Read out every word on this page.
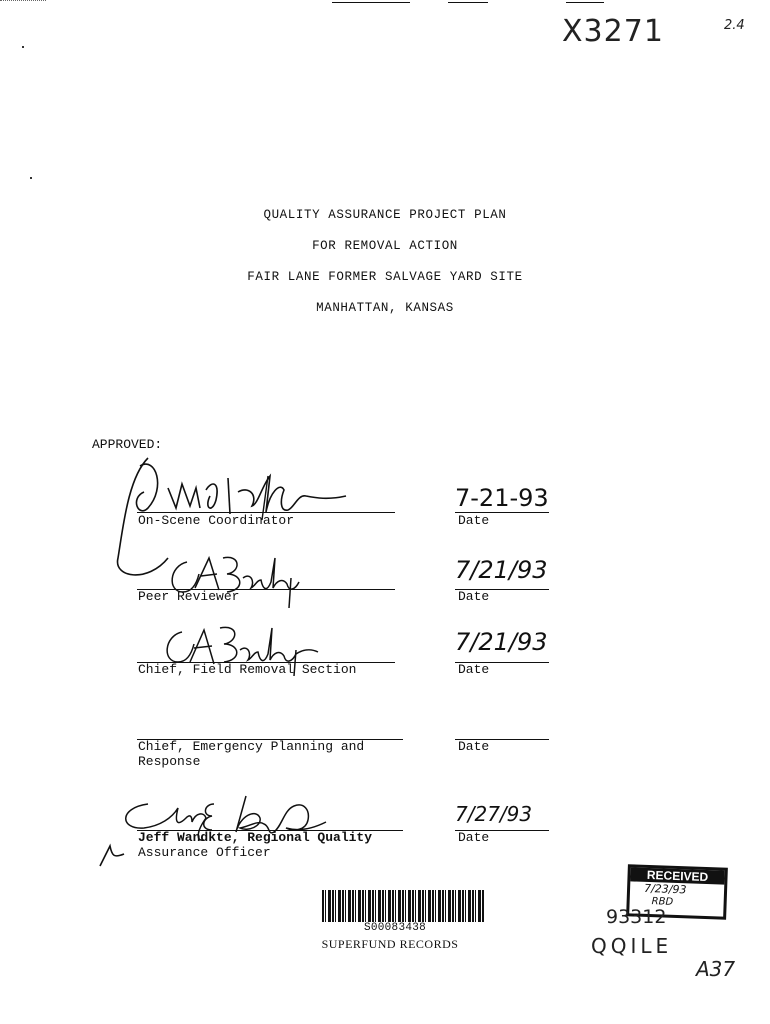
X3271	2.4
QUALITY ASSURANCE PROJECT PLAN
FOR REMOVAL ACTION
FAIR LANE FORMER SALVAGE YARD SITE
MANHATTAN, KANSAS
APPROVED:
On-Scene Coordinator
7-21-93
Date
Peer Reviewer
7/21/93
Date
Chief, Field Removal Section
7/21/93
Date
Chief, Emergency Planning and
Response
Date
Jeff Wandkte, Regional Quality
Assurance Officer
7/27/93
Date
S00083438
SUPERFUND RECORDS
RECEIVED
7/23/93
RBD
93312
QQILE
A37
